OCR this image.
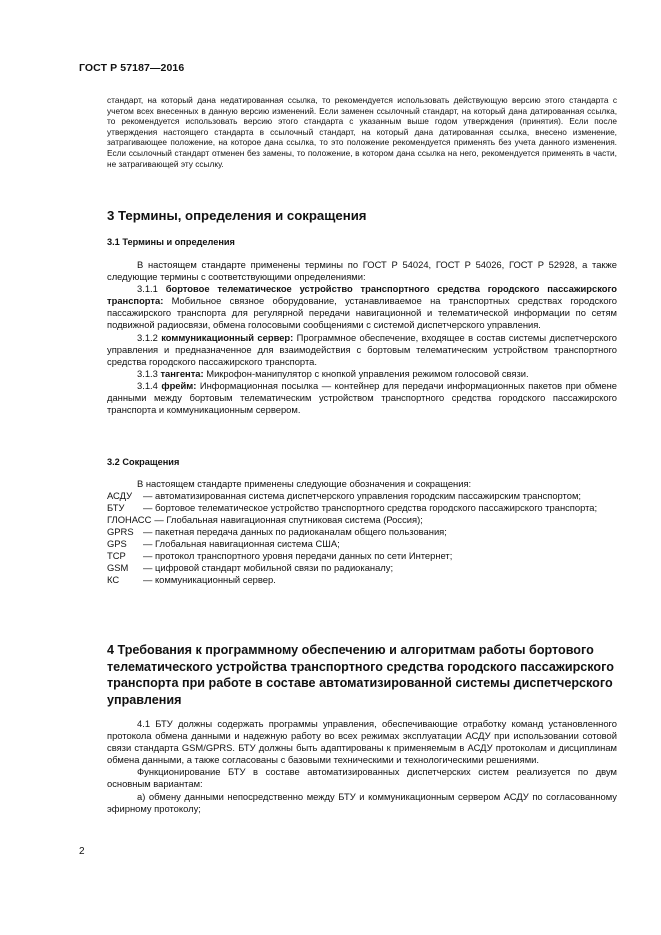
ГОСТ Р 57187—2016

стандарт, на который дана недатированная ссылка, то рекомендуется использовать действующую версию этого стандарта с учетом всех внесенных в данную версию изменений. Если заменен ссылочный стандарт, на который дана датированная ссылка, то рекомендуется использовать версию этого стандарта с указанным выше годом утверждения (принятия). Если после утверждения настоящего стандарта в ссылочный стандарт, на который дана датированная ссылка, внесено изменение, затрагивающее положение, на которое дана ссылка, то это положение рекомендуется применять без учета данного изменения. Если ссылочный стандарт отменен без замены, то положение, в котором дана ссылка на него, рекомендуется применять в части, не затрагивающей эту ссылку.

3 Термины, определения и сокращения
3.1 Термины и определения

В настоящем стандарте применены термины по ГОСТ Р 54024, ГОСТ Р 54026, ГОСТ Р 52928, а также следующие термины с соответствующими определениями:

3.1.1 бортовое телематическое устройство транспортного средства городского пассажирского транспорта: Мобильное связное оборудование, устанавливаемое на транспортных средствах городского пассажирского транспорта для регулярной передачи навигационной и телематической информации по сетям подвижной радиосвязи, обмена голосовыми сообщениями с системой диспетчерского управления.

3.1.2 коммуникационный сервер: Программное обеспечение, входящее в состав системы диспетчерского управления и предназначенное для взаимодействия с бортовым телематическим устройством транспортного средства городского пассажирского транспорта.

3.1.3 тангента: Микрофон-манипулятор с кнопкой управления режимом голосовой связи.

3.1.4 фрейм: Информационная посылка — контейнер для передачи информационных пакетов при обмене данными между бортовым телематическим устройством транспортного средства городского пассажирского транспорта и коммуникационным сервером.

3.2 Сокращения

В настоящем стандарте применены следующие обозначения и сокращения:

АСДУ	— автоматизированная система диспетчерского управления городским пассажирским транспортом;
БТУ	— бортовое телематическое устройство транспортного средства городского пассажирского транспорта;
ГЛОНАСС — Глобальная навигационная спутниковая система (Россия);
GPRS	— пакетная передача данных по радиоканалам общего пользования;
GPS	— Глобальная навигационная система США;
TCP	— протокол транспортного уровня передачи данных по сети Интернет;
GSM	— цифровой стандарт мобильной связи по радиоканалу;
КС	— коммуникационный сервер.
4 Требования к программному обеспечению и алгоритмам работы бортового телематического устройства транспортного средства городского пассажирского транспорта при работе в составе автоматизированной системы диспетчерского управления

4.1 БТУ должны содержать программы управления, обеспечивающие отработку команд установленного протокола обмена данными и надежную работу во всех режимах эксплуатации АСДУ при использовании сотовой связи стандарта GSM/GPRS. БТУ должны быть адаптированы к применяемым в АСДУ протоколам и дисциплинам обмена данными, а также согласованы с базовыми техническими и технологическими решениями.

Функционирование БТУ в составе автоматизированных диспетчерских систем реализуется по двум основным вариантам:

а) обмену данными непосредственно между БТУ и коммуникационным сервером АСДУ по согласованному эфирному протоколу;

2
